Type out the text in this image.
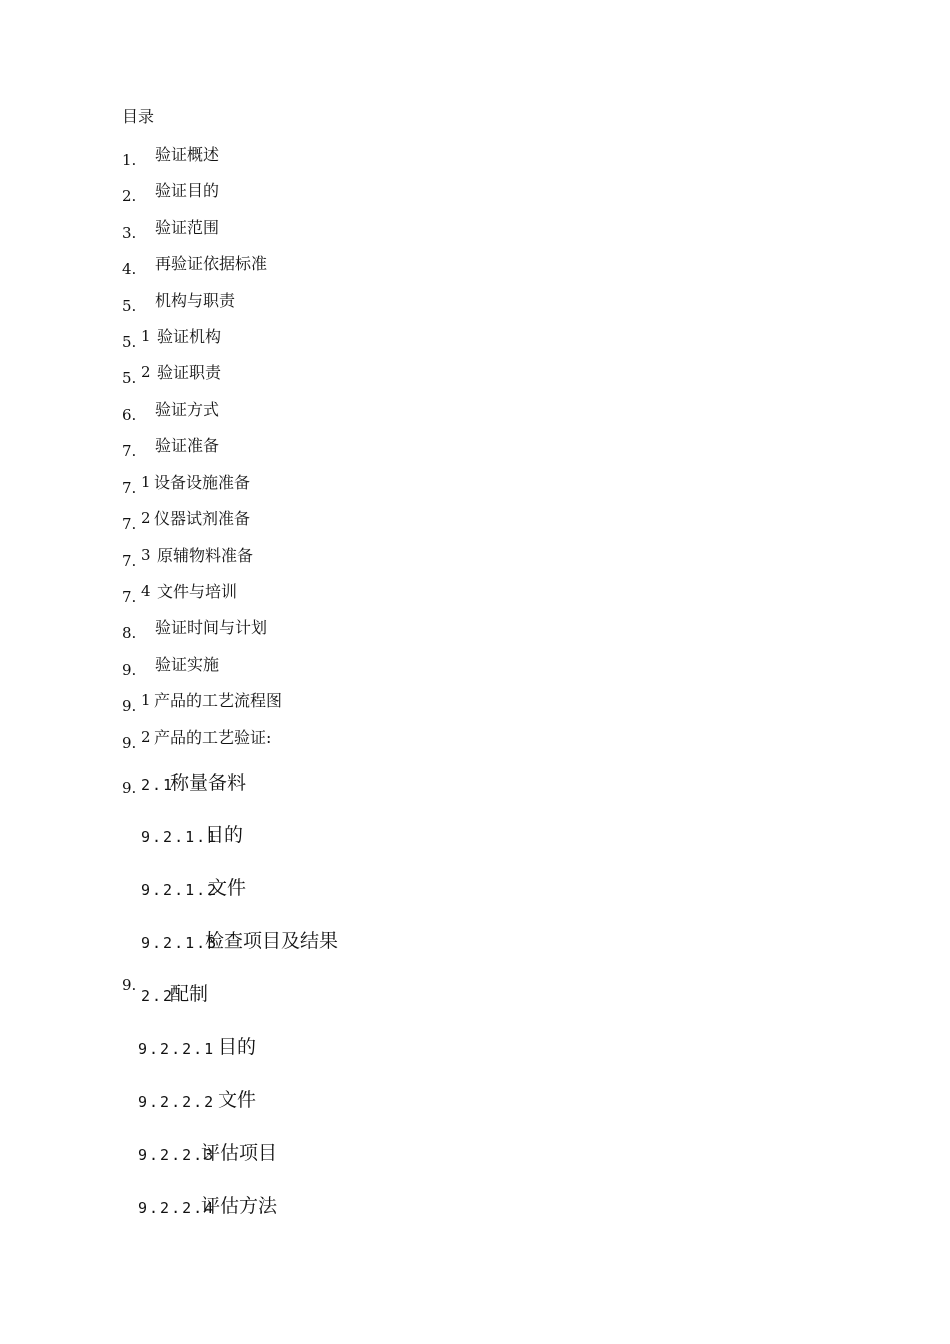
目录
1. 验证概述
2. 验证目的
3. 验证范围
4. 再验证依据标准
5. 机构与职责
5. 1 验证机构
5. 2 验证职责
6. 验证方式
7. 验证准备
7. 1 设备设施准备
7. 2 仪器试剂准备
7. 3 原辅物料准备
7. 4 文件与培训
8. 验证时间与计划
9. 验证实施
9. 1 产品的工艺流程图
9. 2 产品的工艺验证:
9. 2.1
称量备料
9.2.1.1
目的
9.2.1.2
文件
9.2.1.3
检查项目及结果
9.
2.2
配制
9.2.2.1 目的
9.2.2.2 文件
9.2.2.3
评估项目
9.2.2.4
评估方法
